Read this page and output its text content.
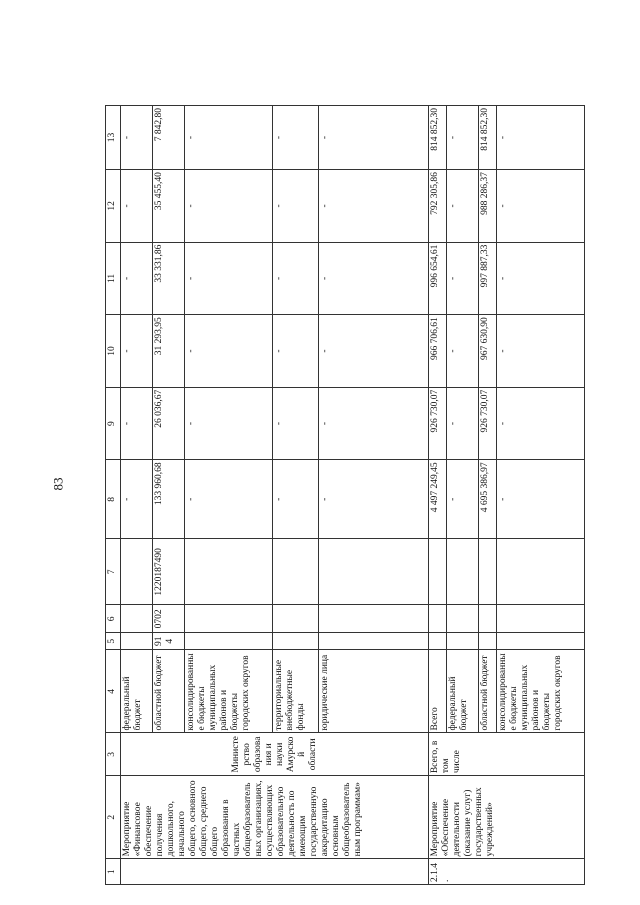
83
1	2	3	4	5	6	7	8	9	10	11	12	13
	Мероприятие «Финансовое обеспечение получения дошкольного, начального общего, основного общего, среднего общего образования в частных общеобразовательных организациях, осуществляющих образовательную деятельность по имеющим государственную аккредитацию основным общеобразовательным программам»	Министерство образования и науки Амурской области	федеральный бюджет				-	-	-	-	-	-
			областной бюджет	914	0702	1220187490	133 960,68	26 036,67	31 293,95	33 331,86	35 455,40	7 842,80
			консолидированные бюджеты муниципальных районов и бюджеты городских округов				-	-	-	-	-	-
			территориальные внебюджетные фонды				-	-	-	-	-	-
			юридические лица				-	-	-	-	-	-
2.1.4.	Мероприятие «Обеспечение деятельности (оказание услуг) государственных учреждений»	Всего, в том числе	Всего				4 497 249,45	926 730,07	966 706,61	996 654,61	792 305,86	814 852,30
			федеральный бюджет				-	-	-	-	-	-
			областной бюджет				4 695 386,97	926 730,07	967 630,90	997 887,33	988 286,37	814 852,30
			консолидированные бюджеты муниципальных районов и бюджеты городских округов				-	-	-	-	-	-
